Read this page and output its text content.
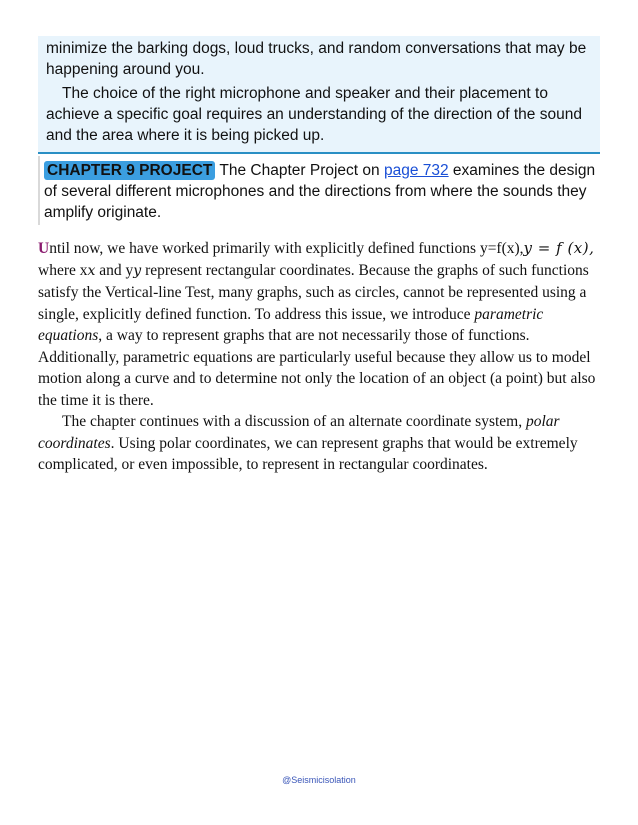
minimize the barking dogs, loud trucks, and random conversations that may be happening around you.

The choice of the right microphone and speaker and their placement to achieve a specific goal requires an understanding of the direction of the sound and the area where it is being picked up.

CHAPTER 9 PROJECT The Chapter Project on page 732 examines the design of several different microphones and the directions from where the sounds they amplify originate.

Until now, we have worked primarily with explicitly defined functions y=f(x),y = f (x), where xx and yy represent rectangular coordinates. Because the graphs of such functions satisfy the Vertical-line Test, many graphs, such as circles, cannot be represented using a single, explicitly defined function. To address this issue, we introduce parametric equations, a way to represent graphs that are not necessarily those of functions. Additionally, parametric equations are particularly useful because they allow us to model motion along a curve and to determine not only the location of an object (a point) but also the time it is there.

The chapter continues with a discussion of an alternate coordinate system, polar coordinates. Using polar coordinates, we can represent graphs that would be extremely complicated, or even impossible, to represent in rectangular coordinates.

@Seismicisolation
